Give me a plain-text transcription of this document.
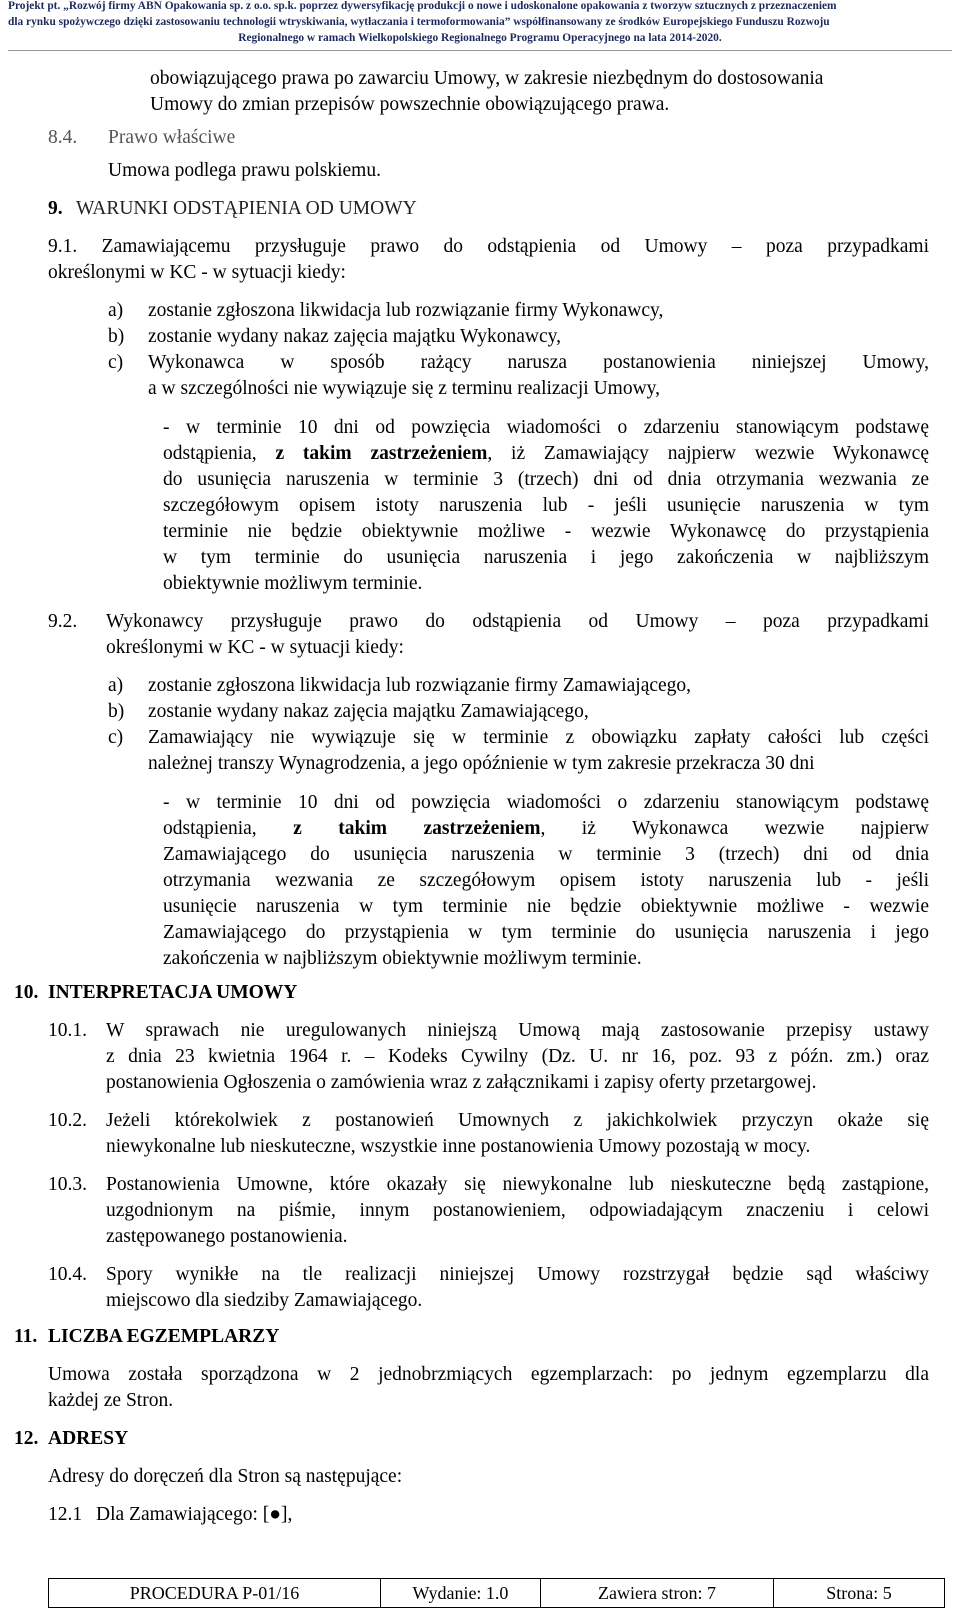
Projekt pt. „Rozwój firmy ABN Opakowania sp. z o.o. sp.k. poprzez dywersyfikację produkcji o nowe i udoskonalone opakowania z tworzyw sztucznych z przeznaczeniem
dla rynku spożywczego dzięki zastosowaniu technologii wtryskiwania, wytłaczania i termoformowania” współfinansowany ze środków Europejskiego Funduszu Rozwoju
Regionalnego w ramach Wielkopolskiego Regionalnego Programu Operacyjnego na lata 2014-2020.
obowiązującego prawa po zawarciu Umowy, w zakresie niezbędnym do dostosowania
Umowy do zmian przepisów powszechnie obowiązującego prawa.
8.4. Prawo właściwe
Umowa podlega prawu polskiemu.
9. WARUNKI ODSTĄPIENIA OD UMOWY
9.1. Zamawiającemu przysługuje prawo do odstąpienia od Umowy – poza przypadkami
określonymi w KC - w sytuacji kiedy:
a) zostanie zgłoszona likwidacja lub rozwiązanie firmy Wykonawcy,
b) zostanie wydany nakaz zajęcia majątku Wykonawcy,
c) Wykonawca w sposób rażący narusza postanowienia niniejszej Umowy,
a w szczególności nie wywiązuje się z terminu realizacji Umowy,
- w terminie 10 dni od powzięcia wiadomości o zdarzeniu stanowiącym podstawę
odstąpienia, z takim zastrzeżeniem, iż Zamawiający najpierw wezwie Wykonawcę
do usunięcia naruszenia w terminie 3 (trzech) dni od dnia otrzymania wezwania ze
szczegółowym opisem istoty naruszenia lub - jeśli usunięcie naruszenia w tym
terminie nie będzie obiektywnie możliwe - wezwie Wykonawcę do przystąpienia
w tym terminie do usunięcia naruszenia i jego zakończenia w najbliższym
obiektywnie możliwym terminie.
9.2. Wykonawcy przysługuje prawo do odstąpienia od Umowy – poza przypadkami
określonymi w KC - w sytuacji kiedy:
a) zostanie zgłoszona likwidacja lub rozwiązanie firmy Zamawiającego,
b) zostanie wydany nakaz zajęcia majątku Zamawiającego,
c) Zamawiający nie wywiązuje się w terminie z obowiązku zapłaty całości lub części
należnej transzy Wynagrodzenia, a jego opóźnienie w tym zakresie przekracza 30 dni
- w terminie 10 dni od powzięcia wiadomości o zdarzeniu stanowiącym podstawę
odstąpienia, z takim zastrzeżeniem, iż Wykonawca wezwie najpierw
Zamawiającego do usunięcia naruszenia w terminie 3 (trzech) dni od dnia
otrzymania wezwania ze szczegółowym opisem istoty naruszenia lub - jeśli
usunięcie naruszenia w tym terminie nie będzie obiektywnie możliwe - wezwie
Zamawiającego do przystąpienia w tym terminie do usunięcia naruszenia i jego
zakończenia w najbliższym obiektywnie możliwym terminie.
10. INTERPRETACJA UMOWY
10.1. W sprawach nie uregulowanych niniejszą Umową mają zastosowanie przepisy ustawy
z dnia 23 kwietnia 1964 r. – Kodeks Cywilny (Dz. U. nr 16, poz. 93 z późn. zm.) oraz
postanowienia Ogłoszenia o zamówienia wraz z załącznikami i zapisy oferty przetargowej.
10.2. Jeżeli którekolwiek z postanowień Umownych z jakichkolwiek przyczyn okaże się
niewykonalne lub nieskuteczne, wszystkie inne postanowienia Umowy pozostają w mocy.
10.3. Postanowienia Umowne, które okazały się niewykonalne lub nieskuteczne będą zastąpione,
uzgodnionym na piśmie, innym postanowieniem, odpowiadającym znaczeniu i celowi
zastępowanego postanowienia.
10.4. Spory wynikłe na tle realizacji niniejszej Umowy rozstrzygał będzie sąd właściwy
miejscowo dla siedziby Zamawiającego.
11. LICZBA EGZEMPLARZY
Umowa została sporządzona w 2 jednobrzmiących egzemplarzach: po jednym egzemplarzu dla
każdej ze Stron.
12. ADRESY
Adresy do doręczeń dla Stron są następujące:
12.1 Dla Zamawiającego: [●],
PROCEDURA P-01/16	Wydanie: 1.0	Zawiera stron: 7	Strona: 5
